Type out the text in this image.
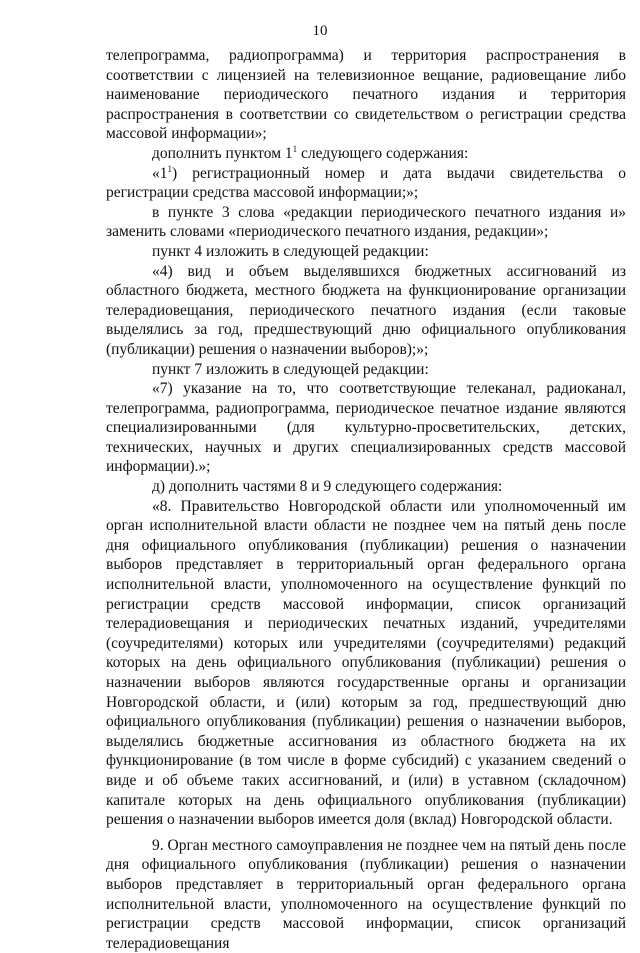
10

телепрограмма, радиопрограмма) и территория распространения в соответствии с лицензией на телевизионное вещание, радиовещание либо наименование периодического печатного издания и территория распространения в соответствии со свидетельством о регистрации средства массовой информации»;

дополнить пунктом $1^1$ следующего содержания:

«$1^1$) регистрационный номер и дата выдачи свидетельства о регистрации средства массовой информации;»;

в пункте 3 слова «редакции периодического печатного издания и» заменить словами «периодического печатного издания, редакции»;

пункт 4 изложить в следующей редакции:

«4) вид и объем выделявшихся бюджетных ассигнований из областного бюджета, местного бюджета на функционирование организации телерадиовещания, периодического печатного издания (если таковые выделялись за год, предшествующий дню официального опубликования (публикации) решения о назначении выборов);»;

пункт 7 изложить в следующей редакции:

«7) указание на то, что соответствующие телеканал, радиоканал, телепрограмма, радиопрограмма, периодическое печатное издание являются специализированными (для культурно-просветительских, детских, технических, научных и других специализированных средств массовой информации).»;

д) дополнить частями 8 и 9 следующего содержания:

«8. Правительство Новгородской области или уполномоченный им орган исполнительной власти области не позднее чем на пятый день после дня официального опубликования (публикации) решения о назначении выборов представляет в территориальный орган федерального органа исполнительной власти, уполномоченного на осуществление функций по регистрации средств массовой информации, список организаций телерадиовещания и периодических печатных изданий, учредителями (соучредителями) которых или учредителями (соучредителями) редакций которых на день официального опубликования (публикации) решения о назначении выборов являются государственные органы и организации Новгородской области, и (или) которым за год, предшествующий дню официального опубликования (публикации) решения о назначении выборов, выделялись бюджетные ассигнования из областного бюджета на их функционирование (в том числе в форме субсидий) с указанием сведений о виде и об объеме таких ассигнований, и (или) в уставном (складочном) капитале которых на день официального опубликования (публикации) решения о назначении выборов имеется доля (вклад) Новгородской области.

9. Орган местного самоуправления не позднее чем на пятый день после дня официального опубликования (публикации) решения о назначении выборов представляет в территориальный орган федерального органа исполнительной власти, уполномоченного на осуществление функций по регистрации средств массовой информации, список организаций телерадиовещания
